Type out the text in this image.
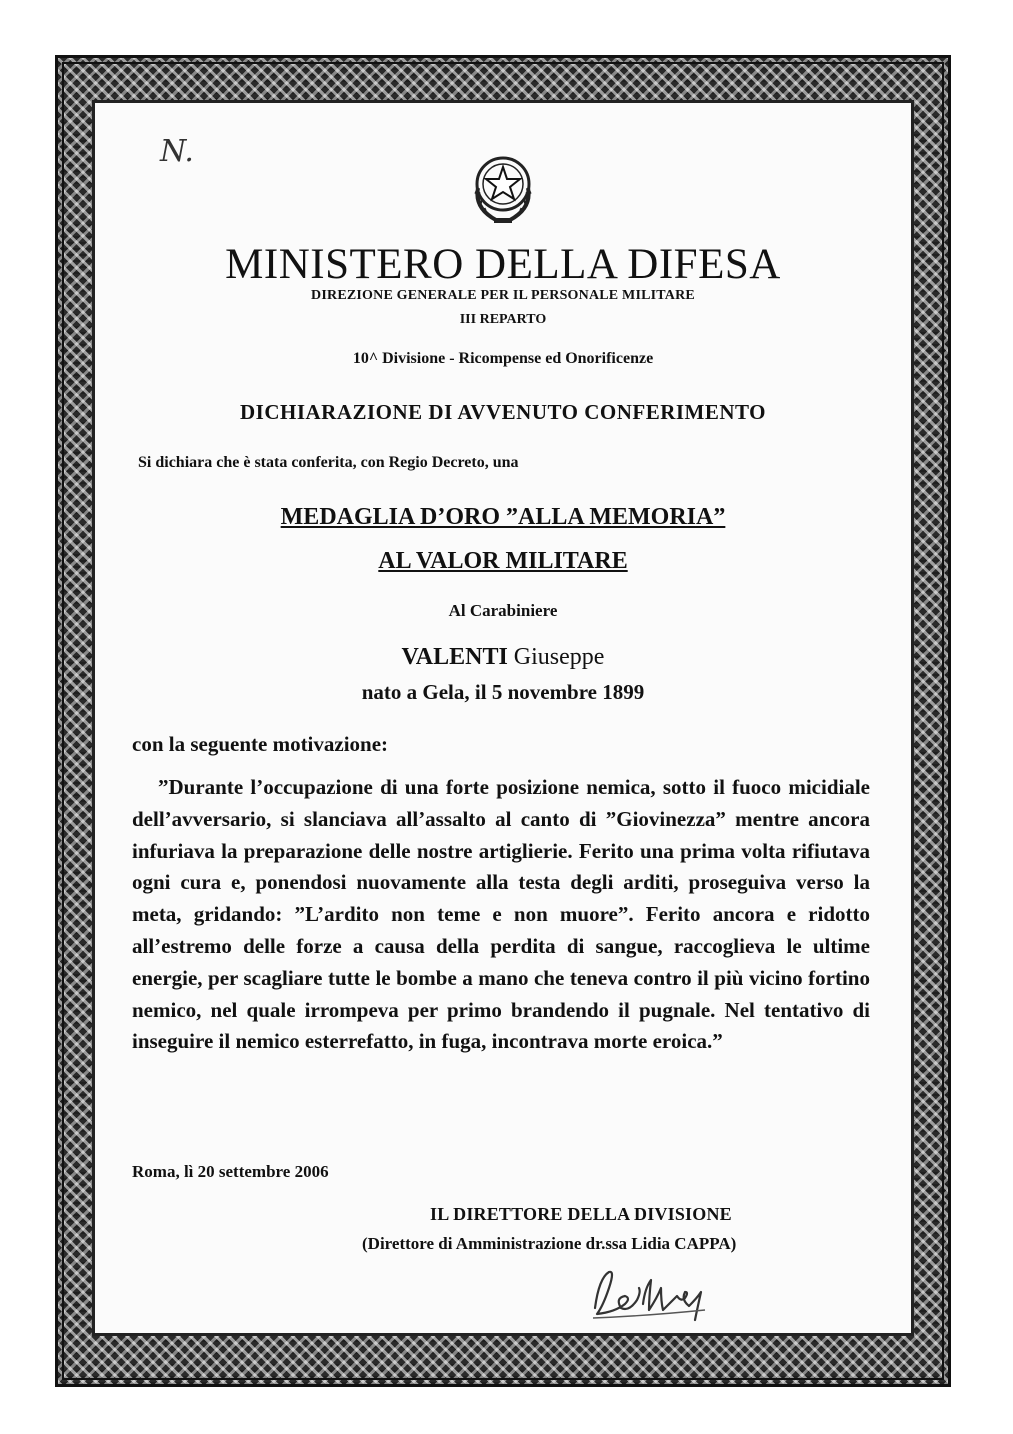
N.
MINISTERO DELLA DIFESA
DIREZIONE GENERALE PER IL PERSONALE MILITARE
III REPARTO
10^ Divisione - Ricompense ed Onorificenze
DICHIARAZIONE DI AVVENUTO CONFERIMENTO
Si dichiara che è stata conferita, con Regio Decreto, una
MEDAGLIA D’ORO ”ALLA MEMORIA”
AL VALOR MILITARE
Al Carabiniere
VALENTI Giuseppe
nato a Gela, il 5 novembre 1899
con la seguente motivazione:
”Durante l’occupazione di una forte posizione nemica, sotto il fuoco micidiale dell’avversario, si slanciava all’assalto al canto di ”Giovinezza” mentre ancora infuriava la preparazione delle nostre artiglierie. Ferito una prima volta rifiutava ogni cura e, ponendosi nuovamente alla testa degli arditi, proseguiva verso la meta, gridando: ”L’ardito non teme e non muore”. Ferito ancora e ridotto all’estremo delle forze a causa della perdita di sangue, raccoglieva le ultime energie, per scagliare tutte le bombe a mano che teneva contro il più vicino fortino nemico, nel quale irrompeva per primo brandendo il pugnale. Nel tentativo di inseguire il nemico esterrefatto, in fuga, incontrava morte eroica.”
Roma, lì 20 settembre 2006
IL DIRETTORE DELLA DIVISIONE
(Direttore di Amministrazione dr.ssa Lidia CAPPA)
